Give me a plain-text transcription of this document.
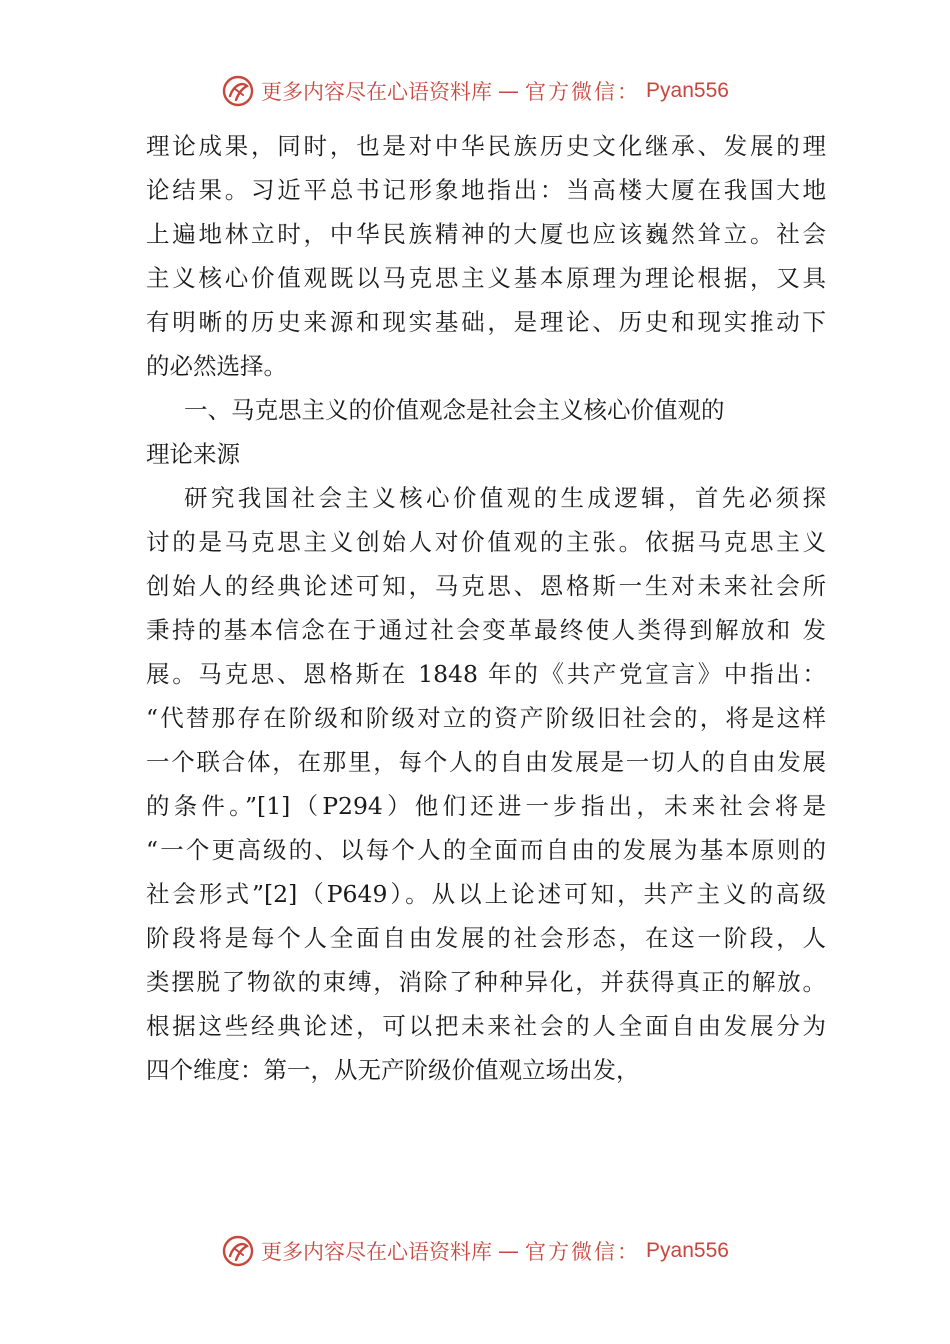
更多内容尽在心语资料库 — 官方微信： Pyan556
理论成果，同时，也是对中华民族历史文化继承、发展的理
论结果。习近平总书记形象地指出：当高楼大厦在我国大地
上遍地林立时，中华民族精神的大厦也应该巍然耸立。社会
主义核心价值观既以马克思主义基本原理为理论根据，又具
有明晰的历史来源和现实基础，是理论、历史和现实推动下
的必然选择。
一、马克思主义的价值观念是社会主义核心价值观的
理论来源
研究我国社会主义核心价值观的生成逻辑，首先必须探
讨的是马克思主义创始人对价值观的主张。依据马克思主义
创始人的经典论述可知，马克思、恩格斯一生对未来社会所
秉持的基本信念在于通过社会变革最终使人类得到解放和 发
展。马克思、恩格斯在 1848 年的《共产党宣言》中指出：
“代替那存在阶级和阶级对立的资产阶级旧社会的，将是这样
一个联合体，在那里，每个人的自由发展是一切人的自由发展
的条件。”[1]（P294）他们还进一步指出，未来社会将是
“一个更高级的、以每个人的全面而自由的发展为基本原则的
社会形式”[2]（P649）。从以上论述可知，共产主义的高级
阶段将是每个人全面自由发展的社会形态，在这一阶段，人
类摆脱了物欲的束缚，消除了种种异化，并获得真正的解放。
根据这些经典论述，可以把未来社会的人全面自由发展分为
四个维度：第一，从无产阶级价值观立场出发，
更多内容尽在心语资料库 — 官方微信： Pyan556
